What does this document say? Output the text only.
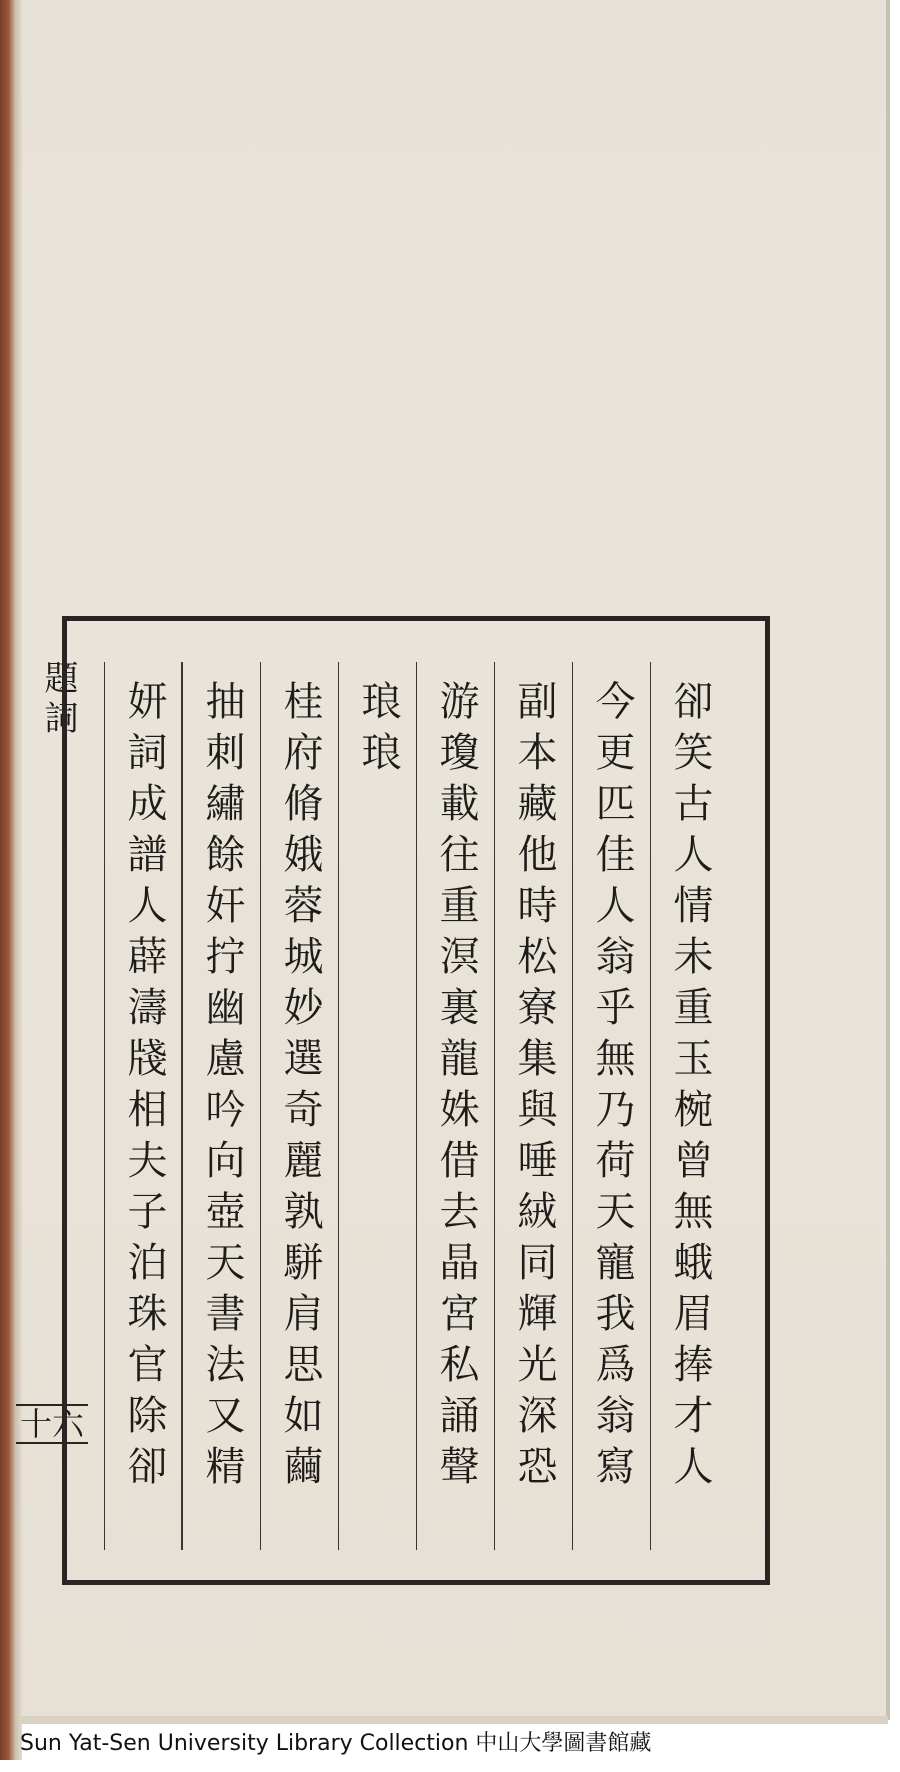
題詞
十六	卻笑古人情未重玉椀曾無蛾眉捧才人
今更匹佳人翁乎無乃荷天寵我爲翁寫
副本藏他時松寮集與唾絨同輝光深恐
游瓊載往重溟裏龍姝借去晶宮私誦聲
琅琅
桂府脩娥蓉城妙選奇麗孰駢肩思如繭
抽刺繡餘奸拧幽慮吟向壺天書法又精
妍詞成譜人薜濤牋相夫子泊珠官除卻
Sun Yat-Sen University Library Collection 中山大學圖書館藏
